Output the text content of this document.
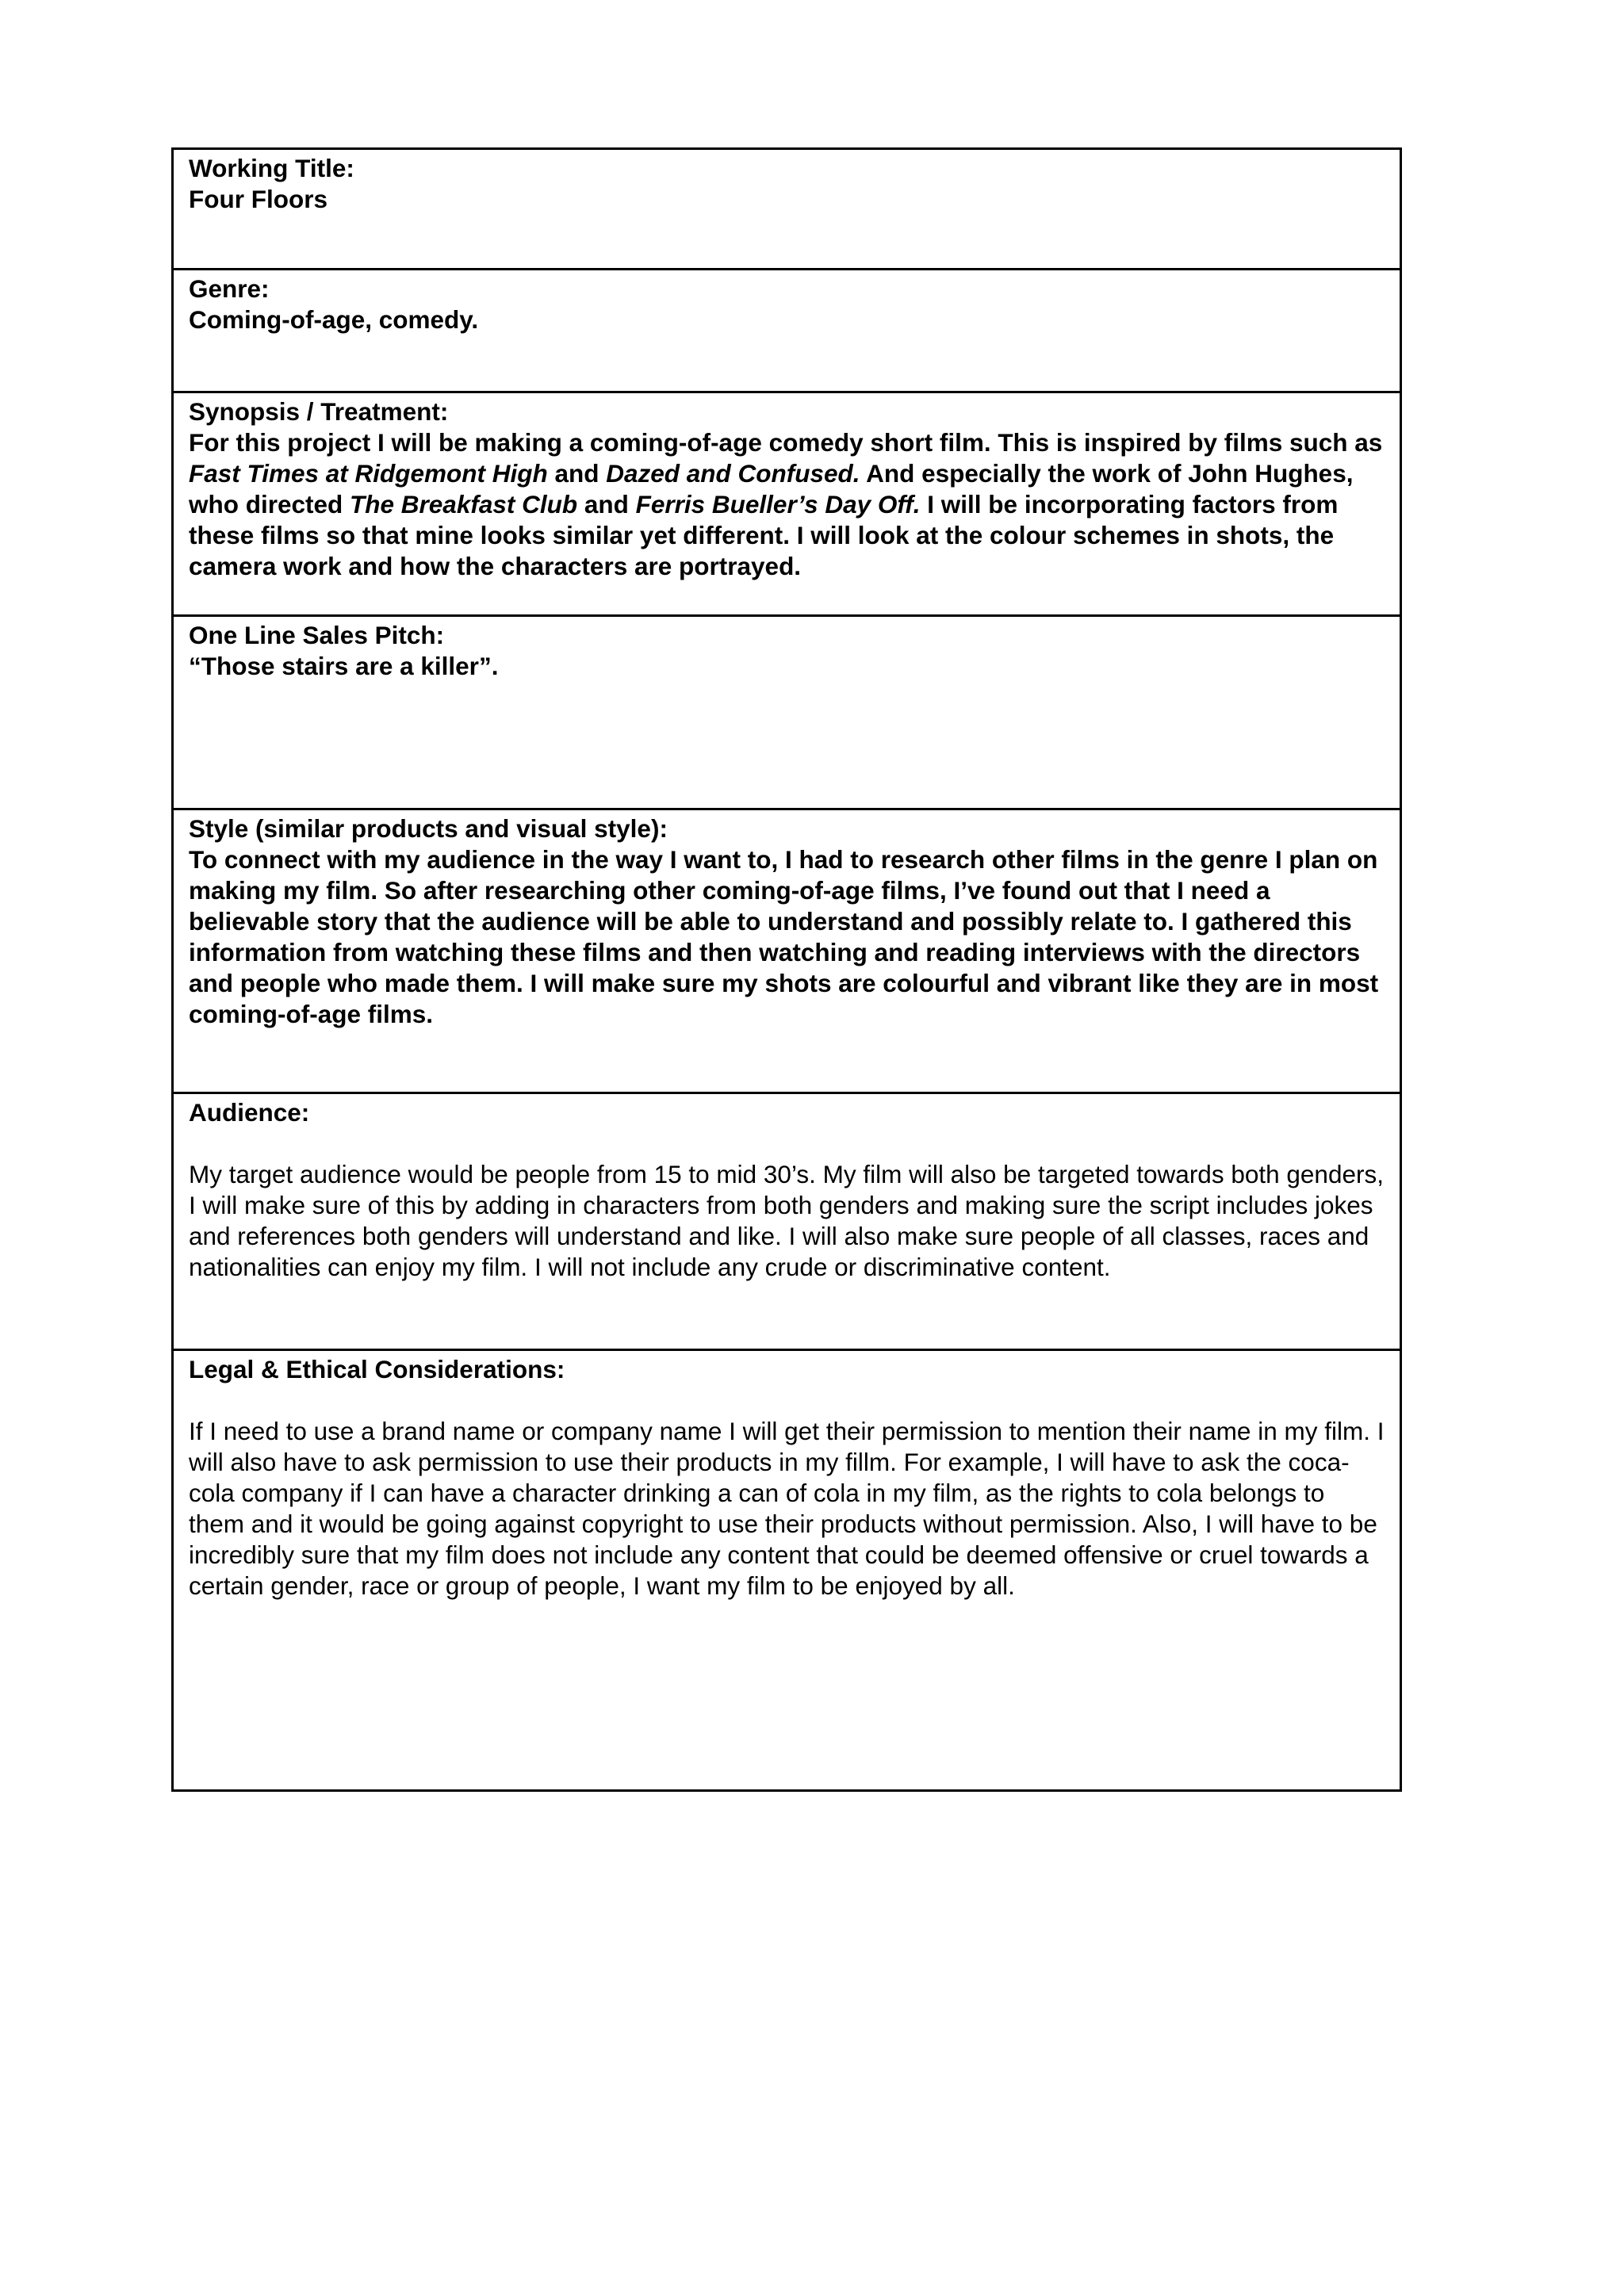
Working Title:

Four Floors

Genre:

Coming-of-age, comedy.

Synopsis / Treatment:

For this project I will be making a coming-of-age comedy short film. This is inspired by films such as Fast Times at Ridgemont High and Dazed and Confused. And especially the work of John Hughes, who directed The Breakfast Club and Ferris Bueller’s Day Off. I will be incorporating factors from these films so that mine looks similar yet different. I will look at the colour schemes in shots, the camera work and how the characters are portrayed.

One Line Sales Pitch:

“Those stairs are a killer”.

Style (similar products and visual style):

To connect with my audience in the way I want to, I had to research other films in the genre I plan on making my film. So after researching other coming-of-age films, I’ve found out that I need a believable story that the audience will be able to understand and possibly relate to. I gathered this information from watching these films and then watching and reading interviews with the directors and people who made them. I will make sure my shots are colourful and vibrant like they are in most coming-of-age films.

Audience:

My target audience would be people from 15 to mid 30’s. My film will also be targeted towards both genders, I will make sure of this by adding in characters from both genders and making sure the script includes jokes and references both genders will understand and like. I will also make sure people of all classes, races and nationalities can enjoy my film. I will not include any crude or discriminative content.

Legal & Ethical Considerations:

If I need to use a brand name or company name I will get their permission to mention their name in my film. I will also have to ask permission to use their products in my fillm. For example, I will have to ask the coca-cola company if I can have a character drinking a can of cola in my film, as the rights to cola belongs to them and it would be going against copyright to use their products without permission. Also, I will have to be incredibly sure that my film does not include any content that could be deemed offensive or cruel towards a certain gender, race or group of people, I want my film to be enjoyed by all.
